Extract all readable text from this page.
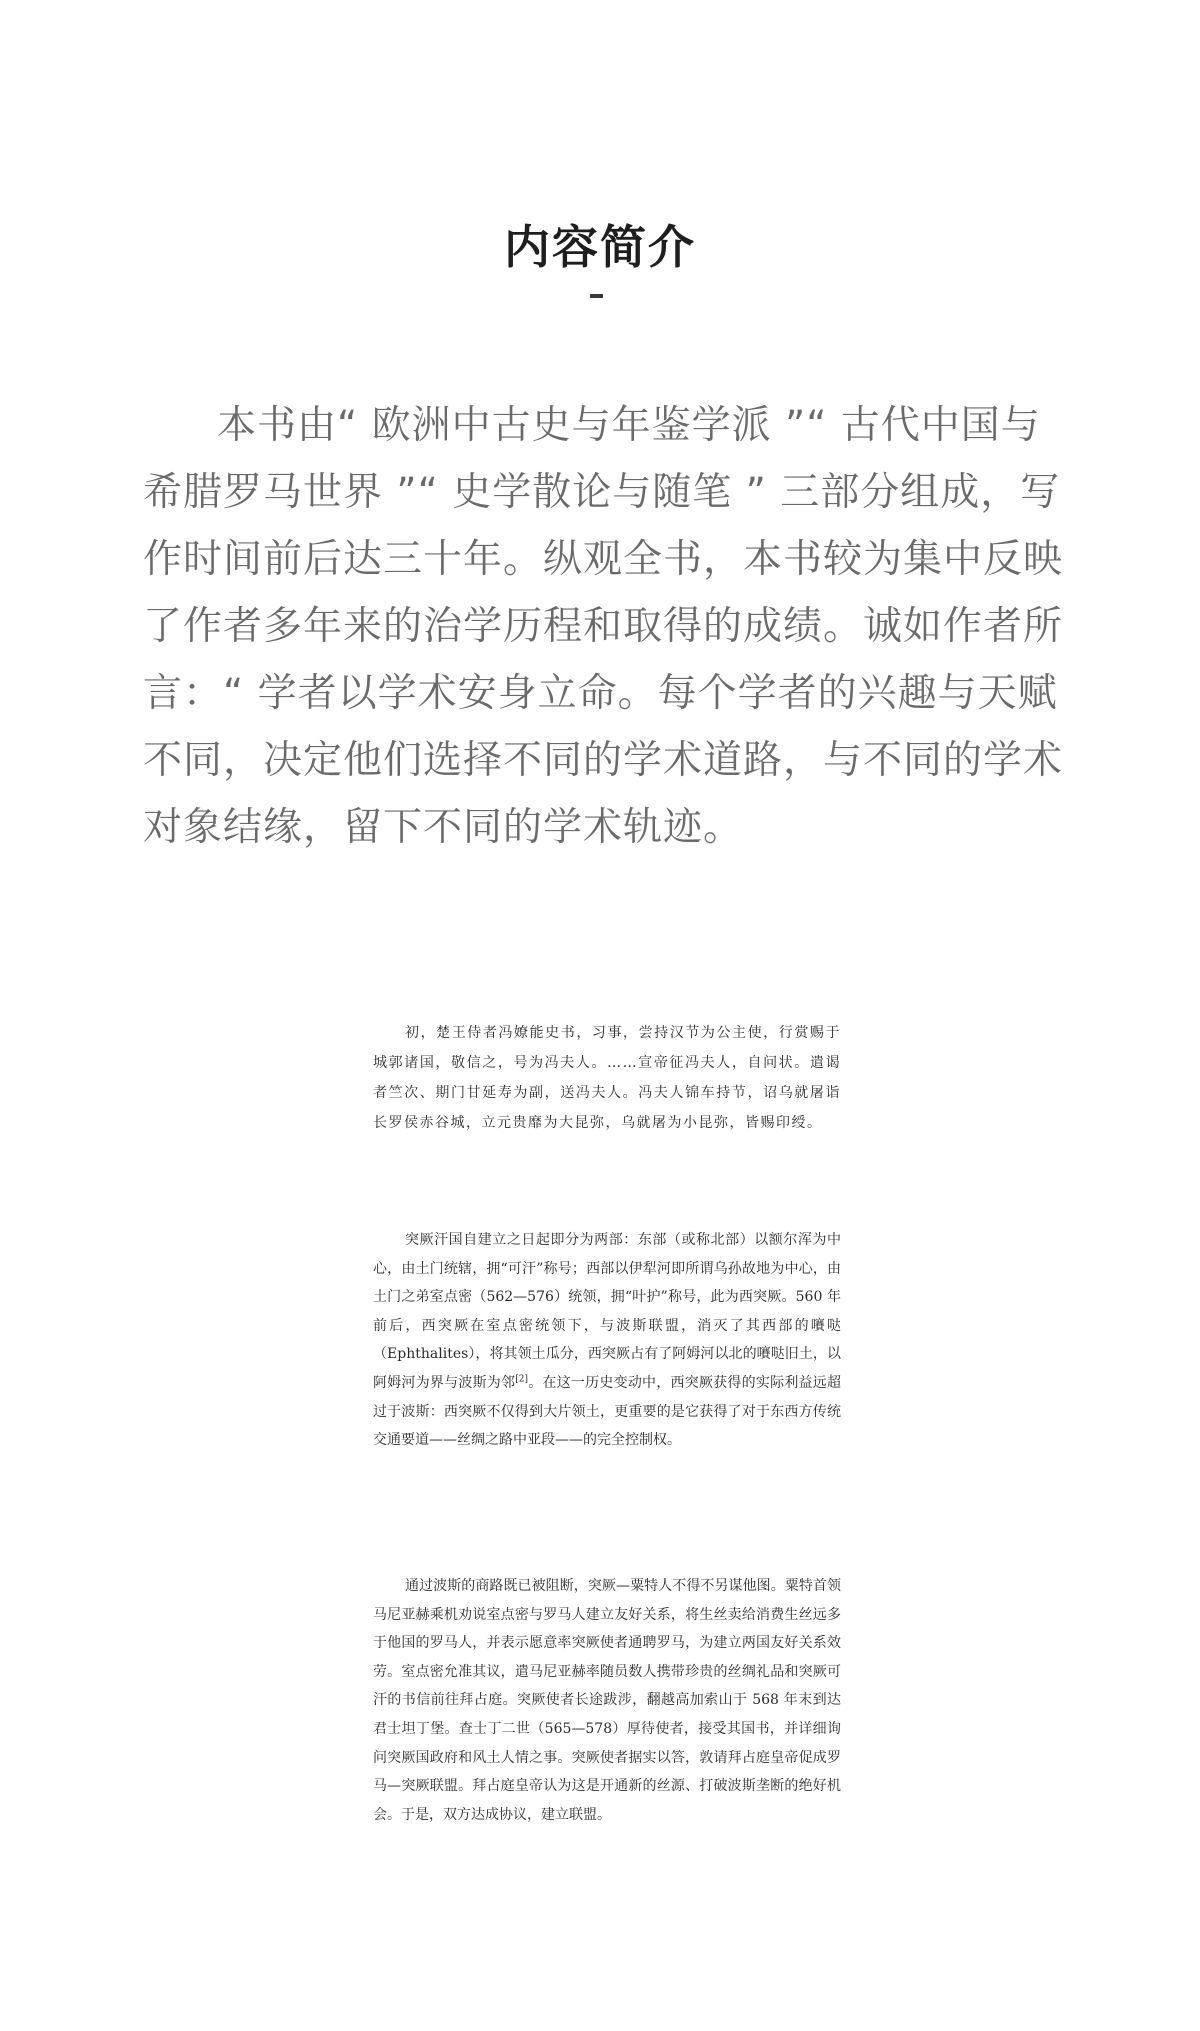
内容简介

本书由“ 欧洲中古史与年鉴学派 ”“ 古代中国与希腊罗马世界 ”“ 史学散论与随笔 ” 三部分组成，写作时间前后达三十年。纵观全书，本书较为集中反映了作者多年来的治学历程和取得的成绩。诚如作者所言：“ 学者以学术安身立命。每个学者的兴趣与天赋不同，决定他们选择不同的学术道路，与不同的学术对象结缘，留下不同的学术轨迹。

初，楚王侍者冯嫽能史书，习事，尝持汉节为公主使，行赏赐于城郭诸国，敬信之，号为冯夫人。……宣帝征冯夫人，自问状。遣谒者竺次、期门甘延寿为副，送冯夫人。冯夫人锦车持节，诏乌就屠诣长罗侯赤谷城，立元贵靡为大昆弥，乌就屠为小昆弥，皆赐印绶。

突厥汗国自建立之日起即分为两部：东部（或称北部）以额尔浑为中心，由土门统辖，拥“可汗”称号；西部以伊犁河即所谓乌孙故地为中心，由土门之弟室点密（562—576）统领，拥“叶护”称号，此为西突厥。560 年前后，西突厥在室点密统领下，与波斯联盟，消灭了其西部的㘔哒（Ephthalites），将其领土瓜分，西突厥占有了阿姆河以北的㘔哒旧土，以阿姆河为界与波斯为邻[2]。在这一历史变动中，西突厥获得的实际利益远超过于波斯：西突厥不仅得到大片领土，更重要的是它获得了对于东西方传统交通要道——丝绸之路中亚段——的完全控制权。

通过波斯的商路既已被阻断，突厥—粟特人不得不另谋他图。粟特首领马尼亚赫乘机劝说室点密与罗马人建立友好关系，将生丝卖给消费生丝远多于他国的罗马人，并表示愿意率突厥使者通聘罗马，为建立两国友好关系效劳。室点密允准其议，遣马尼亚赫率随员数人携带珍贵的丝绸礼品和突厥可汗的书信前往拜占庭。突厥使者长途跋涉，翻越高加索山于 568 年末到达君士坦丁堡。查士丁二世（565—578）厚待使者，接受其国书，并详细询问突厥国政府和风土人情之事。突厥使者据实以答，敦请拜占庭皇帝促成罗马—突厥联盟。拜占庭皇帝认为这是开通新的丝源、打破波斯垄断的绝好机会。于是，双方达成协议，建立联盟。
